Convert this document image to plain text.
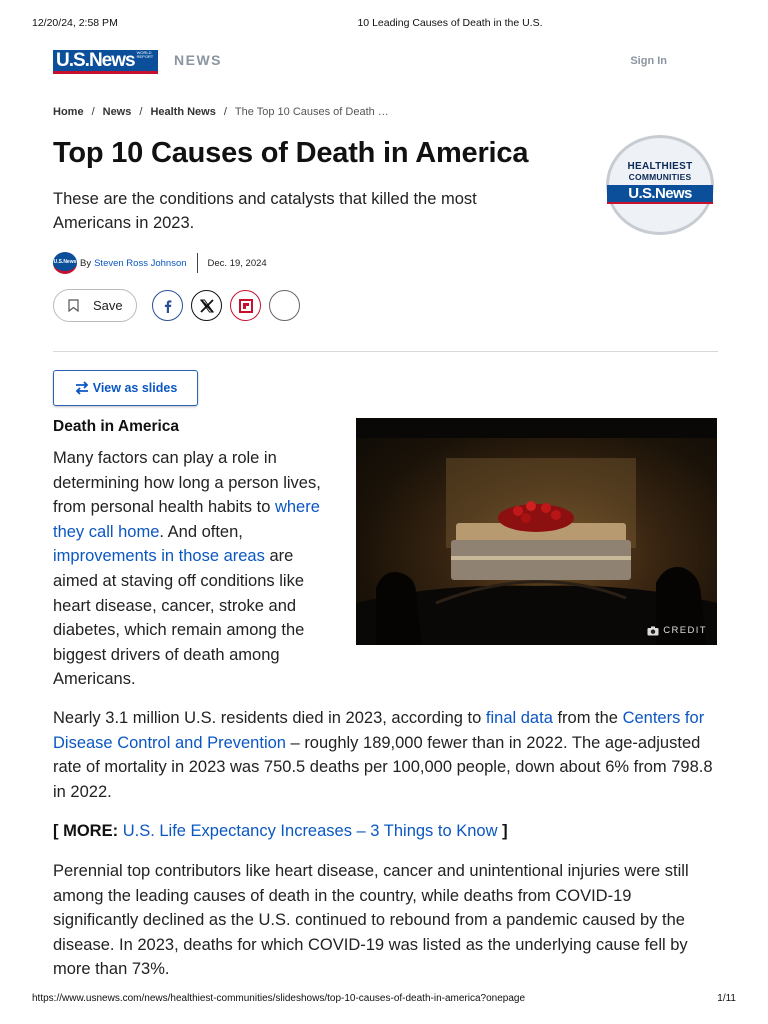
12/20/24, 2:58 PM	10 Leading Causes of Death in the U.S.
U.S.News WORLD REPORT	NEWS	Sign In
Home / News / Health News / The Top 10 Causes of Death …
Top 10 Causes of Death in America

These are the conditions and catalysts that killed the most Americans in 2023.

HEALTHIEST
COMMUNITIES
U.S.News
U.S.News By Steven Ross Johnson Dec. 19, 2024
Save
View as slides
Death in America

Many factors can play a role in determining how long a person lives, from personal health habits to where they call home. And often, improvements in those areas are aimed at staving off conditions like heart disease, cancer, stroke and diabetes, which remain among the biggest drivers of death among Americans.

CREDIT

Nearly 3.1 million U.S. residents died in 2023, according to final data from the Centers for Disease Control and Prevention – roughly 189,000 fewer than in 2022. The age-adjusted rate of mortality in 2023 was 750.5 deaths per 100,000 people, down about 6% from 798.8 in 2022.

[ MORE: U.S. Life Expectancy Increases – 3 Things to Know ]

Perennial top contributors like heart disease, cancer and unintentional injuries were still among the leading causes of death in the country, while deaths from COVID-19 significantly declined as the U.S. continued to rebound from a pandemic caused by the disease. In 2023, deaths for which COVID-19 was listed as the underlying cause fell by more than 73%.

https://www.usnews.com/news/healthiest-communities/slideshows/top-10-causes-of-death-in-america?onepage	1/11
